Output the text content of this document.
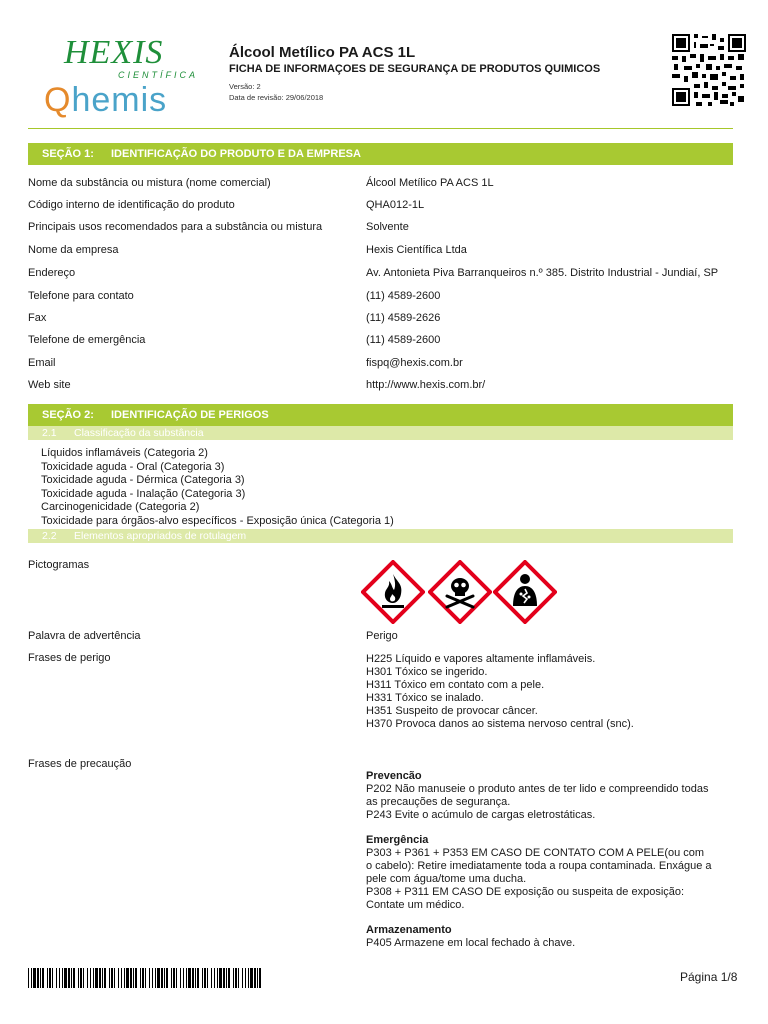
HEXIS
CIENTÍFICA
Qhemis
Álcool Metílico PA ACS 1L
FICHA DE INFORMAÇOES DE SEGURANÇA DE PRODUTOS QUIMICOS
Versão: 2
Data de revisão: 29/06/2018
SEÇÃO 1: IDENTIFICAÇÃO DO PRODUTO E DA EMPRESA
Nome da substância ou mistura (nome comercial)	Álcool Metílico PA ACS 1L
Código interno de identificação do produto	QHA012-1L
Principais usos recomendados para a substância ou mistura	Solvente
Nome da empresa	Hexis Científica Ltda
Endereço	Av. Antonieta Piva Barranqueiros n.º 385. Distrito Industrial - Jundiaí, SP
Telefone para contato	(11) 4589-2600
Fax	(11) 4589-2626
Telefone de emergência	(11) 4589-2600
Email	fispq@hexis.com.br
Web site	http://www.hexis.com.br/
SEÇÃO 2: IDENTIFICAÇÃO DE PERIGOS
2.1 Classificação da substância
Líquidos inflamáveis (Categoria 2)
Toxicidade aguda - Oral (Categoria 3)
Toxicidade aguda - Dérmica (Categoria 3)
Toxicidade aguda - Inalação (Categoria 3)
Carcinogenicidade (Categoria 2)
Toxicidade para órgãos-alvo específicos - Exposição única (Categoria 1)
2.2 Elementos apropriados de rotulagem
Pictogramas
Palavra de advertência	Perigo
Frases de perigo	H225 Líquido e vapores altamente inflamáveis.
H301 Tóxico se ingerido.
H311 Tóxico em contato com a pele.
H331 Tóxico se inalado.
H351 Suspeito de provocar câncer.
H370 Provoca danos ao sistema nervoso central (snc).
Frases de precaução
Prevencão
P202 Não manuseie o produto antes de ter lido e compreendido todas
as precauções de segurança.
P243 Evite o acúmulo de cargas eletrostáticas.
Emergência
P303 + P361 + P353 EM CASO DE CONTATO COM A PELE(ou com
o cabelo): Retire imediatamente toda a roupa contaminada. Enxágue a
pele com água/tome uma ducha.
P308 + P311 EM CASO DE exposição ou suspeita de exposição:
Contate um médico.
Armazenamento
P405 Armazene em local fechado à chave.
Página 1/8
